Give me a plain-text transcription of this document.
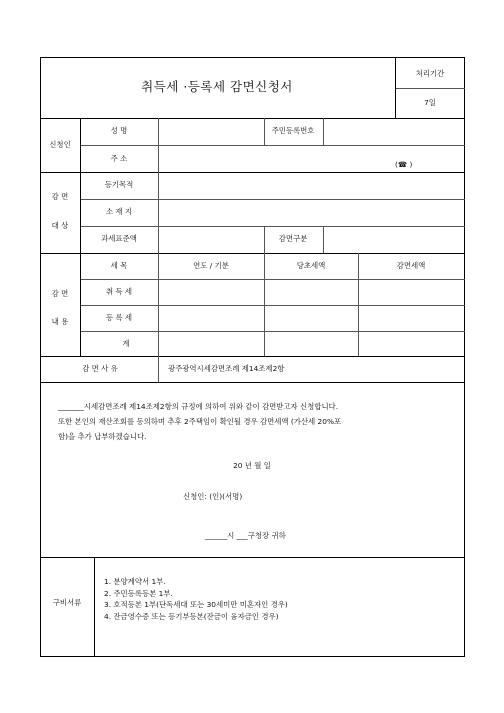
취득세 ·등록세 감면신청서
처리기간
7일
신청인
성 명	주민등록번호
주 소
(☎ )
감 면
대 상
등기목적
소 재 지
과세표준액	감면구분
감 면
내 용
세 목	연도 / 기분	당초세액	감면세액
취 득 세
등 록 세
계
감 면 사 유	광주광역시세감면조례 제14조제2항
_______시세감면조례 제14조제2항의 규정에 의하여 위와 같이 감면받고자 신청합니다.
또한 본인의 재산조회를 동의하며 추후 2주택임이 확인될 경우 감면세액 (가산세 20%포
함)을 추가 납부하겠습니다.
20 년 월 일
신청인: (인)(서명)
______시 ___구청장 귀하
구비서류
1. 분양계약서 1부.
2. 주민등록등본 1부.
3. 호적등본 1부(단독세대 또는 30세미만 미혼자인 경우)
4. 잔금영수증 또는 등기부등본(잔금이 융자금인 경우)
